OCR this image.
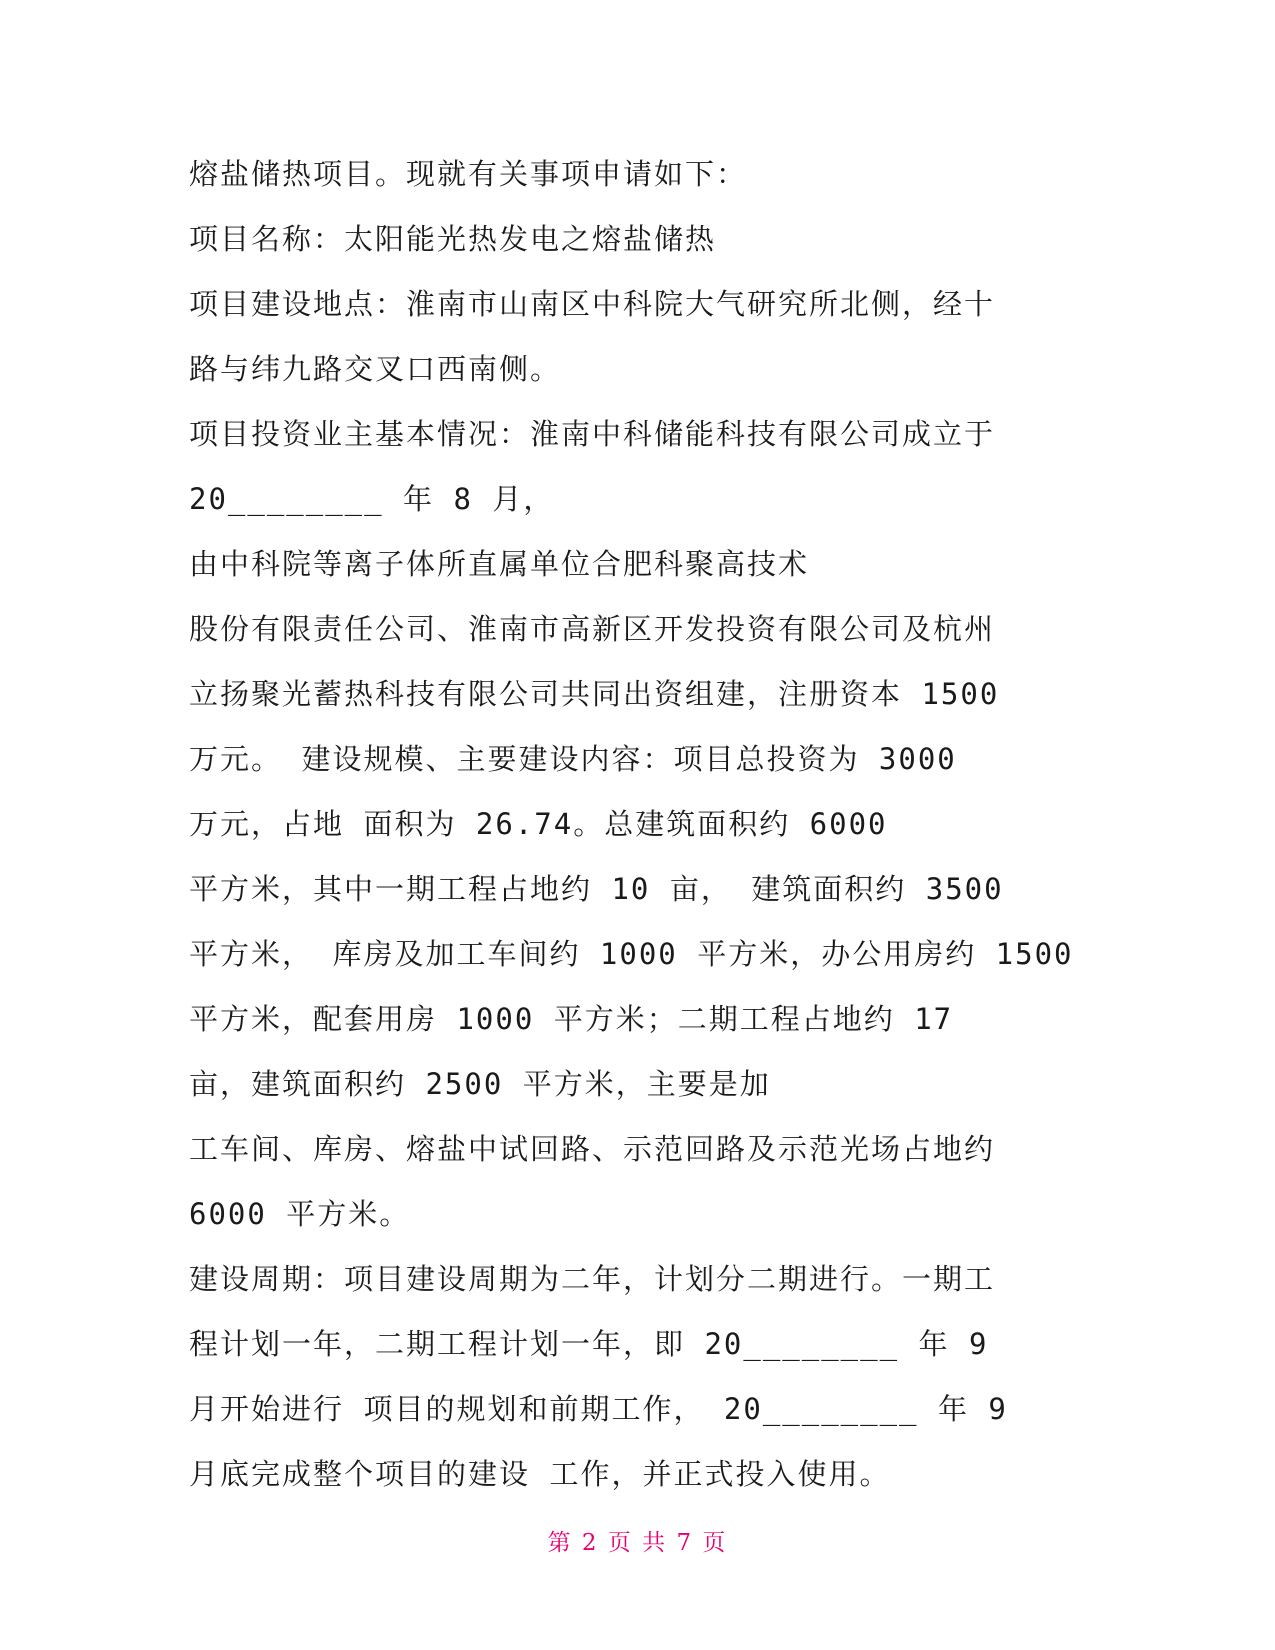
熔盐储热项目。现就有关事项申请如下：
项目名称：太阳能光热发电之熔盐储热
项目建设地点：淮南市山南区中科院大气研究所北侧，经十
路与纬九路交叉口西南侧。
项目投资业主基本情况：淮南中科储能科技有限公司成立于
20________ 年 8 月，
由中科院等离子体所直属单位合肥科聚高技术
股份有限责任公司、淮南市高新区开发投资有限公司及杭州
立扬聚光蓄热科技有限公司共同出资组建，注册资本 1500
万元。 建设规模、主要建设内容：项目总投资为 3000
万元，占地 面积为 26.74。总建筑面积约 6000
平方米，其中一期工程占地约 10 亩， 建筑面积约 3500
平方米， 库房及加工车间约 1000 平方米，办公用房约 1500
平方米，配套用房 1000 平方米；二期工程占地约 17
亩，建筑面积约 2500 平方米，主要是加
工车间、库房、熔盐中试回路、示范回路及示范光场占地约
6000 平方米。
建设周期：项目建设周期为二年，计划分二期进行。一期工
程计划一年，二期工程计划一年，即 20________ 年 9
月开始进行 项目的规划和前期工作， 20________ 年 9
月底完成整个项目的建设 工作，并正式投入使用。
第 2 页 共 7 页
